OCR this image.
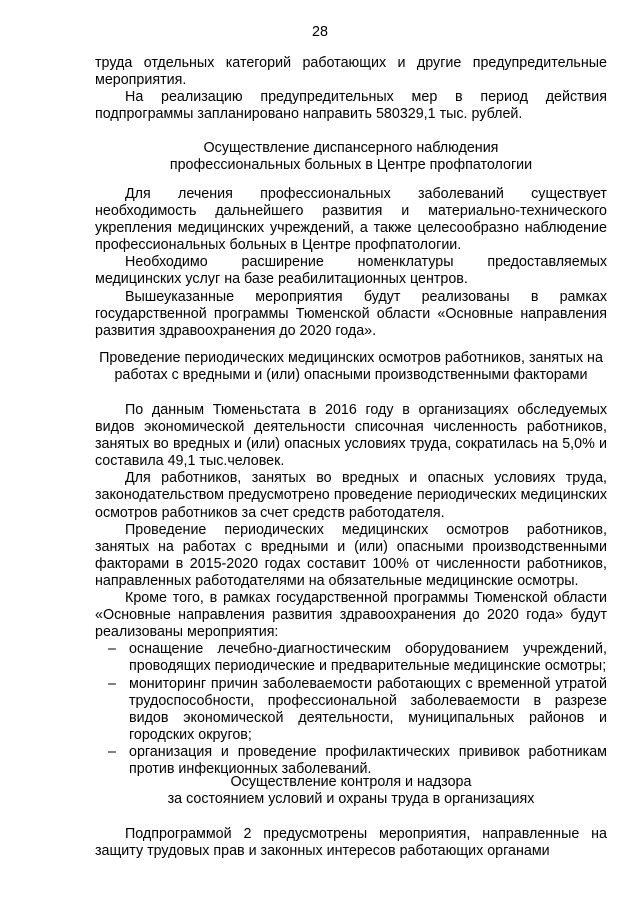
28

труда отдельных категорий работающих и другие предупредительные мероприятия.

На реализацию предупредительных мер в период действия подпрограммы запланировано направить 580329,1 тыс. рублей.

Осуществление диспансерного наблюдения

профессиональных больных в Центре профпатологии

Для лечения профессиональных заболеваний существует необходимость дальнейшего развития и материально-технического укрепления медицинских учреждений, а также целесообразно наблюдение профессиональных больных в Центре профпатологии.

Необходимо расширение номенклатуры предоставляемых медицинских услуг на базе реабилитационных центров.

Вышеуказанные мероприятия будут реализованы в рамках государственной программы Тюменской области «Основные направления развития здравоохранения до 2020 года».

Проведение периодических медицинских осмотров работников, занятых на

работах с вредными и (или) опасными производственными факторами

По данным Тюменьстата в 2016 году в организациях обследуемых видов экономической деятельности списочная численность работников, занятых во вредных и (или) опасных условиях труда, сократилась на 5,0% и составила 49,1 тыс.человек.

Для работников, занятых во вредных и опасных условиях труда, законодательством предусмотрено проведение периодических медицинских осмотров работников за счет средств работодателя.

Проведение периодических медицинских осмотров работников, занятых на работах с вредными и (или) опасными производственными факторами в 2015-2020 годах составит 100% от численности работников, направленных работодателями на обязательные медицинские осмотры.

Кроме того, в рамках государственной программы Тюменской области «Основные направления развития здравоохранения до 2020 года» будут реализованы мероприятия:

– оснащение лечебно-диагностическим оборудованием учреждений, проводящих периодические и предварительные медицинские осмотры;

– мониторинг причин заболеваемости работающих с временной утратой трудоспособности, профессиональной заболеваемости в разрезе видов экономической деятельности, муниципальных районов и городских округов;

– организация и проведение профилактических прививок работникам против инфекционных заболеваний.

Осуществление контроля и надзора

за состоянием условий и охраны труда в организациях

Подпрограммой 2 предусмотрены мероприятия, направленные на защиту трудовых прав и законных интересов работающих органами
